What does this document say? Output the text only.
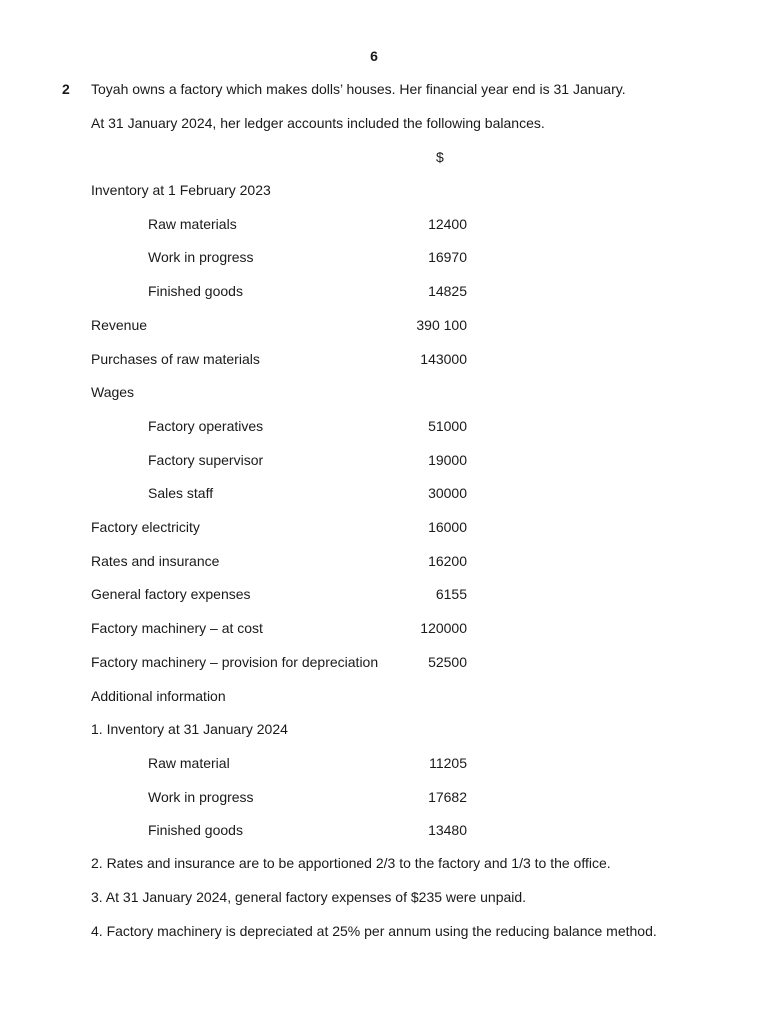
6
2 Toyah owns a factory which makes dolls’ houses. Her financial year end is 31 January.
At 31 January 2024, her ledger accounts included the following balances.
$
Inventory at 1 February 2023
Raw materials	12400
Work in progress	16970
Finished goods	14825
Revenue	390 100
Purchases of raw materials	143000
Wages
Factory operatives	51000
Factory supervisor	19000
Sales staff	30000
Factory electricity	16000
Rates and insurance	16200
General factory expenses	6155
Factory machinery – at cost	120000
Factory machinery – provision for depreciation	52500
Additional information
1. Inventory at 31 January 2024
Raw material	11205
Work in progress	17682
Finished goods	13480
2. Rates and insurance are to be apportioned 2/3 to the factory and 1/3 to the office.
3. At 31 January 2024, general factory expenses of $235 were unpaid.
4. Factory machinery is depreciated at 25% per annum using the reducing balance method.
